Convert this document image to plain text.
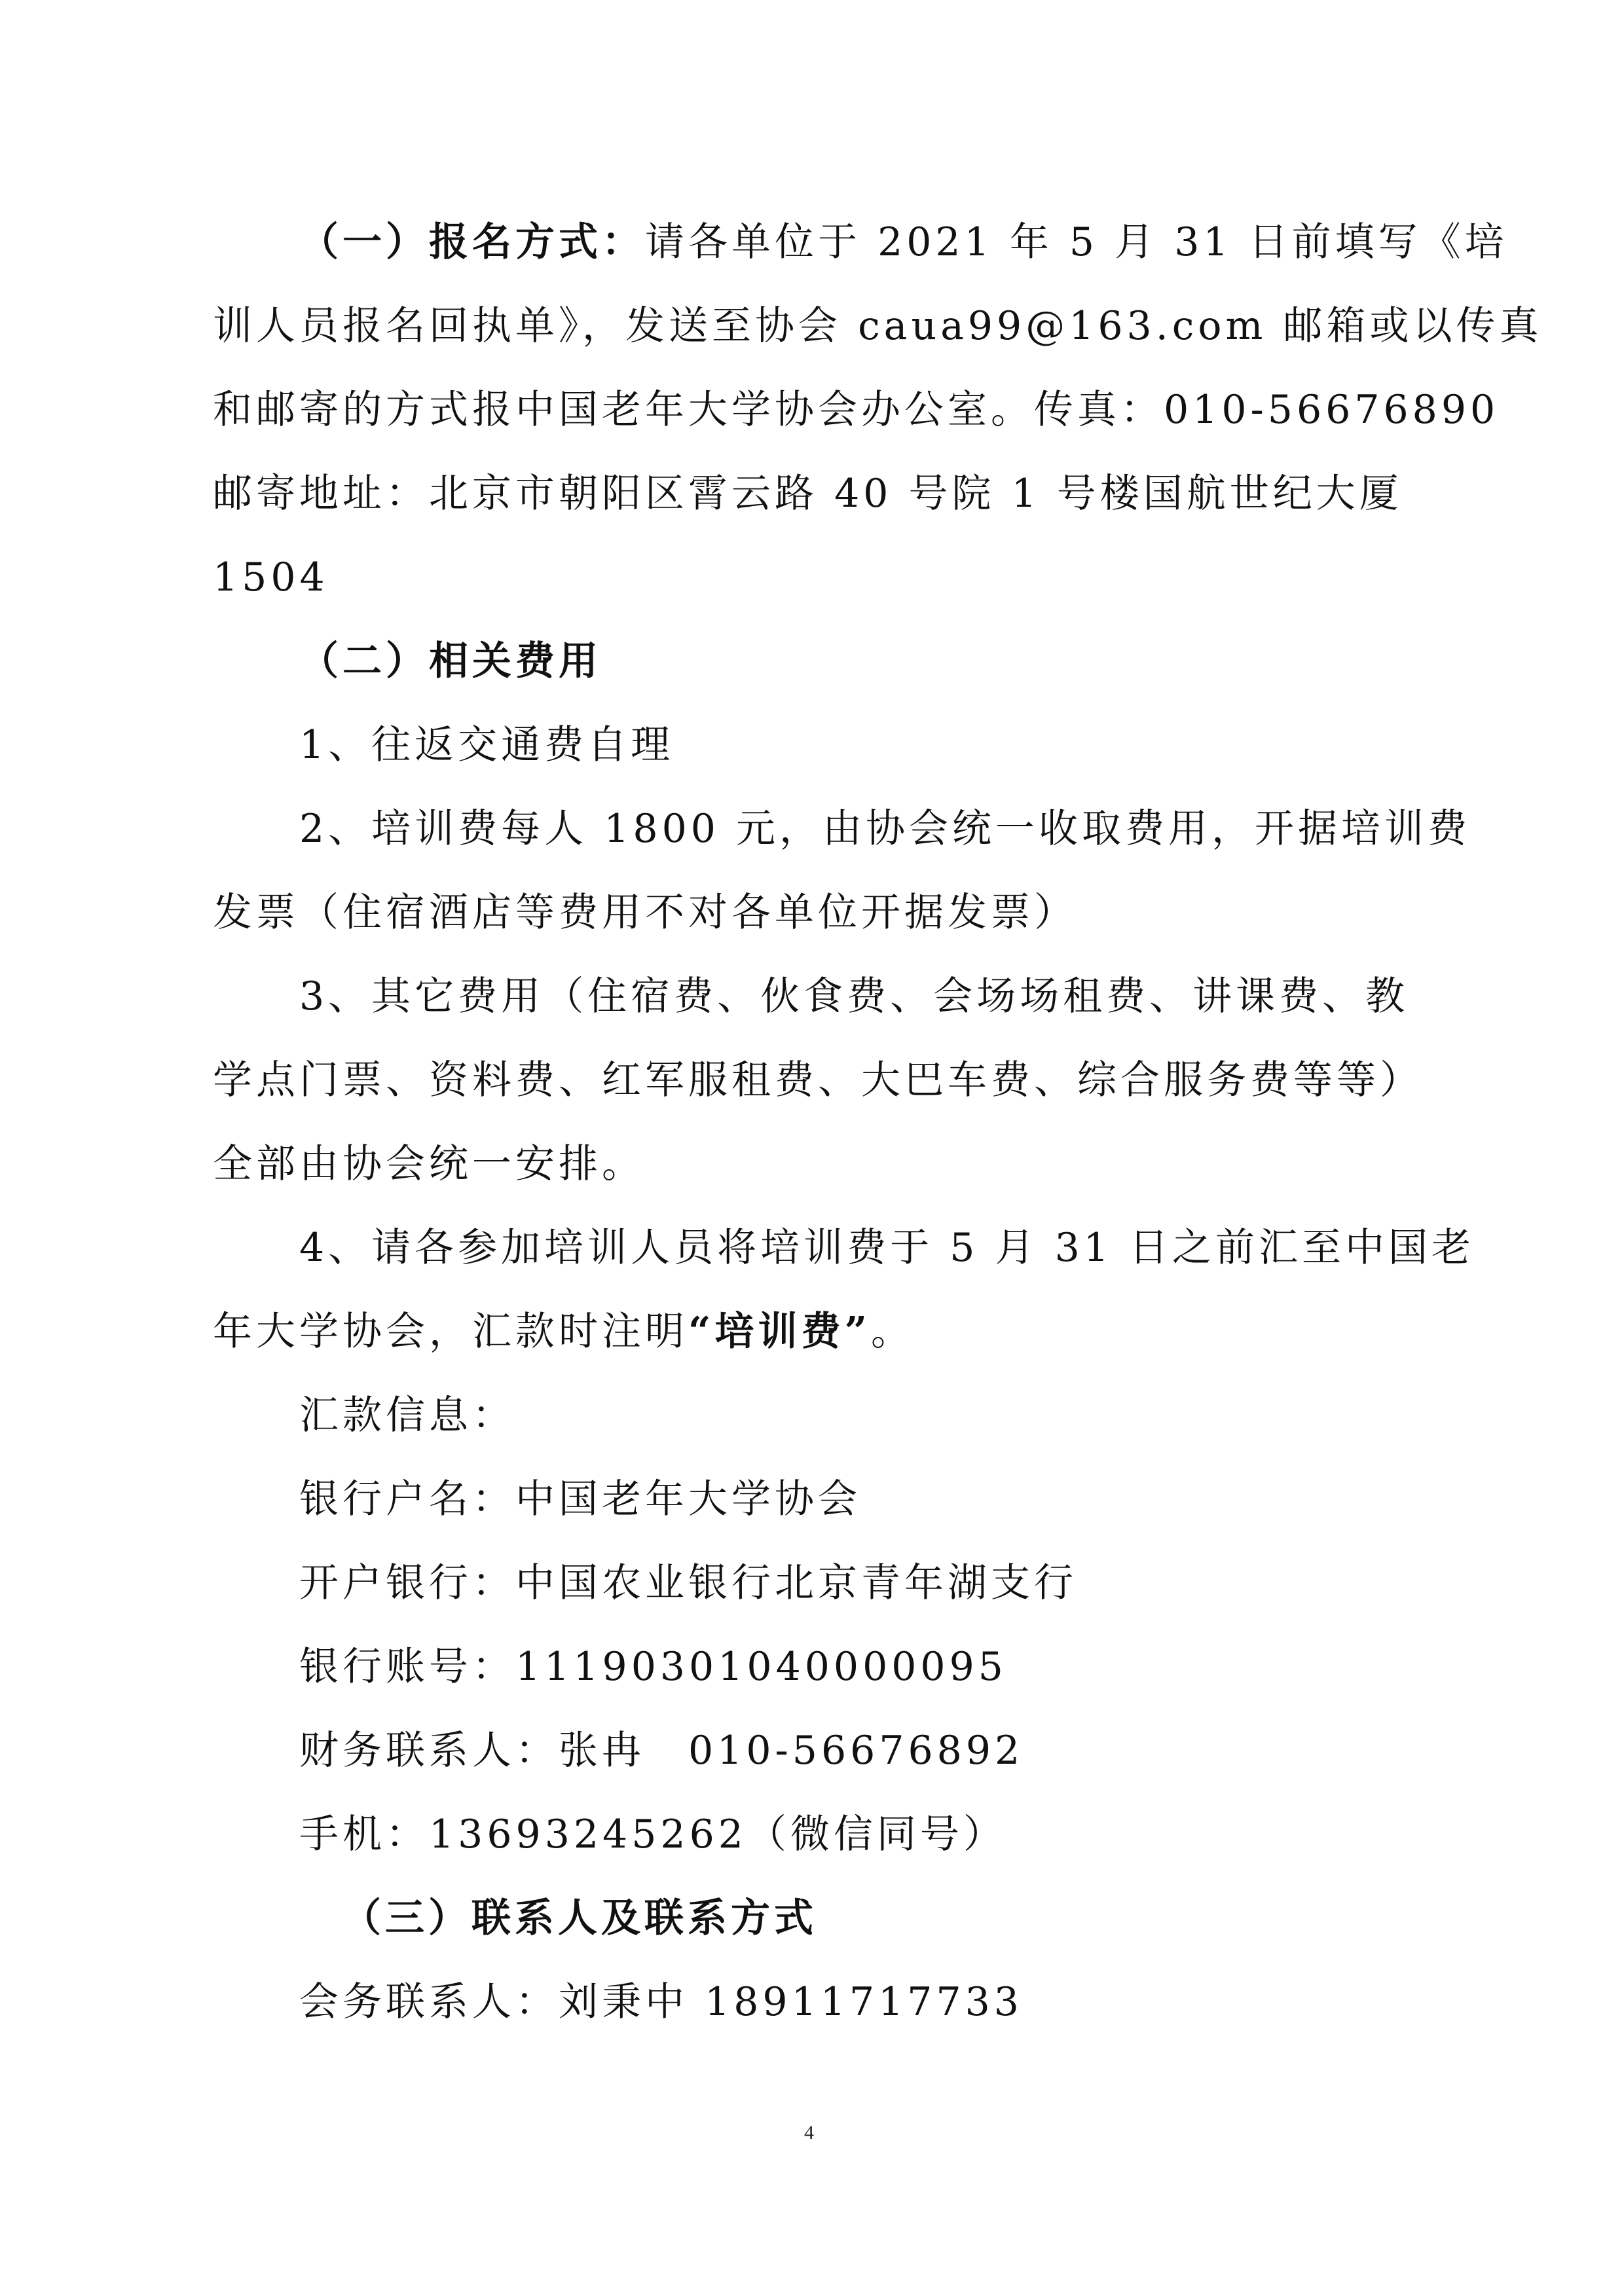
（一）报名方式：请各单位于 2021 年 5 月 31 日前填写《培
训人员报名回执单》，发送至协会 caua99@163.com 邮箱或以传真
和邮寄的方式报中国老年大学协会办公室。传真：010-56676890
邮寄地址：北京市朝阳区霄云路 40 号院 1 号楼国航世纪大厦
1504
（二）相关费用
1、往返交通费自理
2、培训费每人 1800 元，由协会统一收取费用，开据培训费
发票（住宿酒店等费用不对各单位开据发票）
3、其它费用（住宿费、伙食费、会场场租费、讲课费、教
学点门票、资料费、红军服租费、大巴车费、综合服务费等等）
全部由协会统一安排。
4、请各参加培训人员将培训费于 5 月 31 日之前汇至中国老
年大学协会，汇款时注明“培训费”。
汇款信息：
银行户名：中国老年大学协会
开户银行：中国农业银行北京青年湖支行
银行账号：11190301040000095
财务联系人：张冉　010-56676892
手机：13693245262（微信同号）
（三）联系人及联系方式
会务联系人：刘秉中 18911717733
4
